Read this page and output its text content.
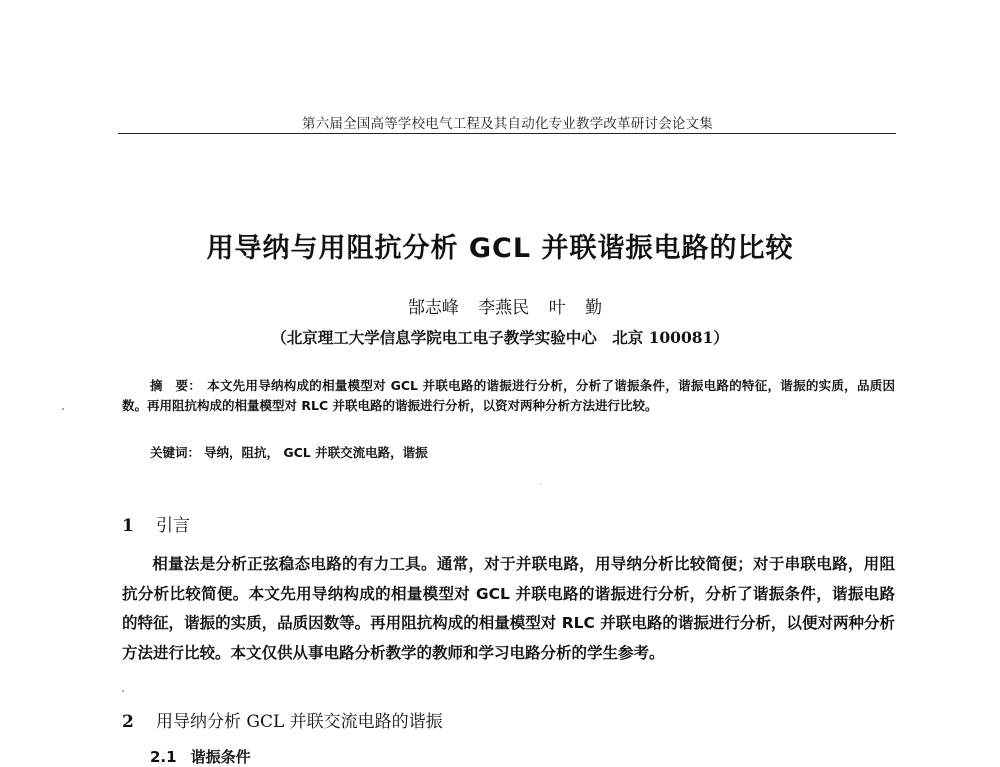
第六届全国高等学校电气工程及其自动化专业教学改革研讨会论文集
用导纳与用阻抗分析 GCL 并联谐振电路的比较
郜志峰 李燕民 叶 勤
（北京理工大学信息学院电工电子教学实验中心　北京 100081）
摘　要： 本文先用导纳构成的相量模型对 GCL 并联电路的谐振进行分析，分析了谐振条件，谐振电路的特征，谐振的实质，品质因数。再用阻抗构成的相量模型对 RLC 并联电路的谐振进行分析，以资对两种分析方法进行比较。
关键词： 导纳，阻抗， GCL 并联交流电路，谐振
1 引言
相量法是分析正弦稳态电路的有力工具。通常，对于并联电路，用导纳分析比较简便；对于串联电路，用阻抗分析比较简便。本文先用导纳构成的相量模型对 GCL 并联电路的谐振进行分析，分析了谐振条件，谐振电路的特征，谐振的实质，品质因数等。再用阻抗构成的相量模型对 RLC 并联电路的谐振进行分析，以便对两种分析方法进行比较。本文仅供从事电路分析教学的教师和学习电路分析的学生参考。
2 用导纳分析 GCL 并联交流电路的谐振
2.1 谐振条件
